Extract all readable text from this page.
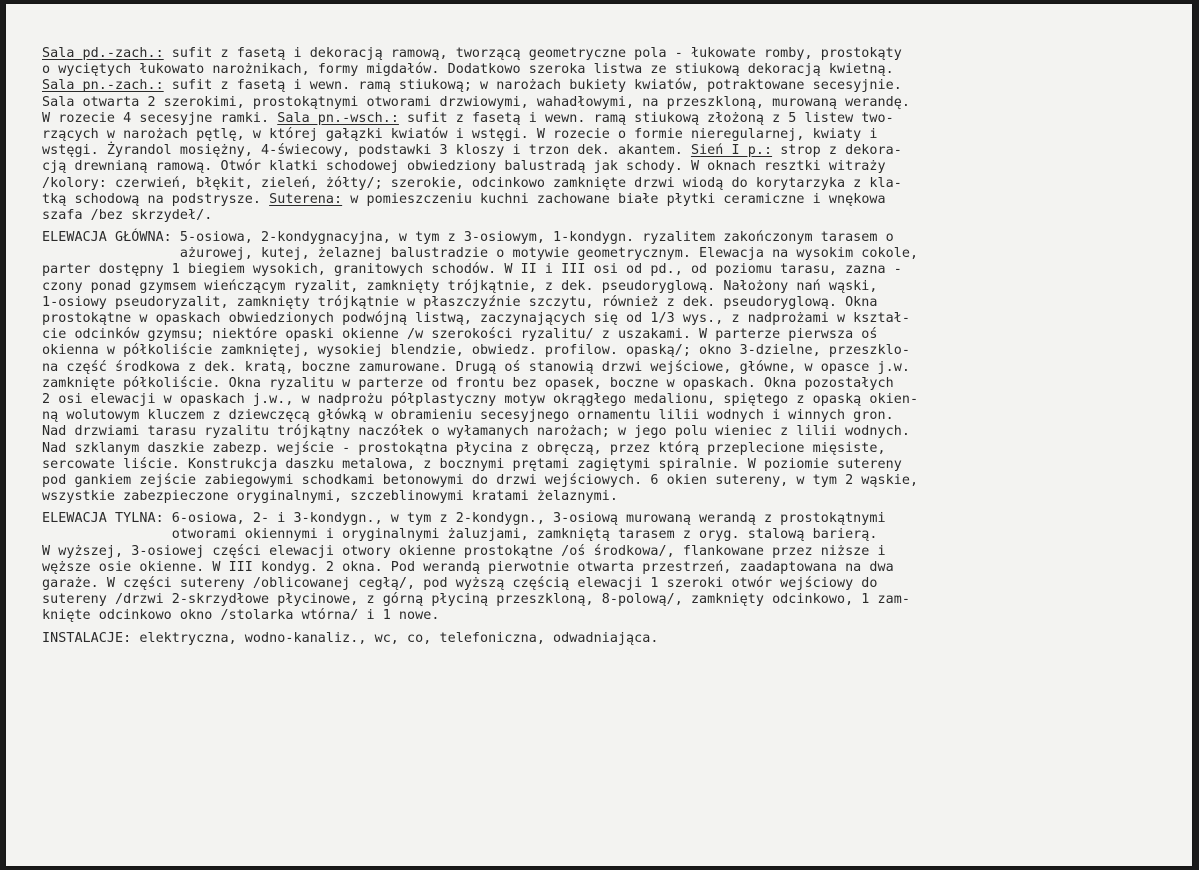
Sala pd.-zach.: sufit z fasetą i dekoracją ramową, tworzącą geometryczne pola - łukowate romby, prostokąty
o wyciętych łukowato narożnikach, formy migdałów. Dodatkowo szeroka listwa ze stiukową dekoracją kwietną.
Sala pn.-zach.: sufit z fasetą i wewn. ramą stiukową; w narożach bukiety kwiatów, potraktowane secesyjnie.
Sala otwarta 2 szerokimi, prostokątnymi otworami drzwiowymi, wahadłowymi, na przeszkloną, murowaną werandę.
W rozecie 4 secesyjne ramki. Sala pn.-wsch.: sufit z fasetą i wewn. ramą stiukową złożoną z 5 listew two-
rzących w narożach pętlę, w której gałązki kwiatów i wstęgi. W rozecie o formie nieregularnej, kwiaty i
wstęgi. Żyrandol mosiężny, 4-świecowy, podstawki 3 kloszy i trzon dek. akantem. Sień I p.: strop z dekora-
cją drewnianą ramową. Otwór klatki schodowej obwiedziony balustradą jak schody. W oknach resztki witraży
/kolory: czerwień, błękit, zieleń, żółty/; szerokie, odcinkowo zamknięte drzwi wiodą do korytarzyka z kla-
tką schodową na podstrysze. Suterena: w pomieszczeniu kuchni zachowane białe płytki ceramiczne i wnękowa
szafa /bez skrzydeł/.
ELEWACJA GŁÓWNA: 5-osiowa, 2-kondygnacyjna, w tym z 3-osiowym, 1-kondygn. ryzalitem zakończonym tarasem o
ażurowej, kutej, żelaznej balustradzie o motywie geometrycznym. Elewacja na wysokim cokole,
parter dostępny 1 biegiem wysokich, granitowych schodów. W II i III osi od pd., od poziomu tarasu, zazna -
czony ponad gzymsem wieńczącym ryzalit, zamknięty trójkątnie, z dek. pseudoryglową. Nałożony nań wąski,
1-osiowy pseudoryzalit, zamknięty trójkątnie w płaszczyźnie szczytu, również z dek. pseudoryglową. Okna
prostokątne w opaskach obwiedzionych podwójną listwą, zaczynających się od 1/3 wys., z nadprożami w kształ-
cie odcinków gzymsu; niektóre opaski okienne /w szerokości ryzalitu/ z uszakami. W parterze pierwsza oś
okienna w półkoliście zamkniętej, wysokiej blendzie, obwiedz. profilow. opaską/; okno 3-dzielne, przeszklo-
na część środkowa z dek. kratą, boczne zamurowane. Drugą oś stanowią drzwi wejściowe, główne, w opasce j.w.
zamknięte półkoliście. Okna ryzalitu w parterze od frontu bez opasek, boczne w opaskach. Okna pozostałych
2 osi elewacji w opaskach j.w., w nadprożu półplastyczny motyw okrągłego medalionu, spiętego z opaską okien-
ną wolutowym kluczem z dziewczęcą główką w obramieniu secesyjnego ornamentu lilii wodnych i winnych gron.
Nad drzwiami tarasu ryzalitu trójkątny naczółek o wyłamanych narożach; w jego polu wieniec z lilii wodnych.
Nad szklanym daszkie zabezp. wejście - prostokątna płycina z obręczą, przez którą przeplecione mięsiste,
sercowate liście. Konstrukcja daszku metalowa, z bocznymi prętami zagiętymi spiralnie. W poziomie sutereny
pod gankiem zejście zabiegowymi schodkami betonowymi do drzwi wejściowych. 6 okien sutereny, w tym 2 wąskie,
wszystkie zabezpieczone oryginalnymi, szczeblinowymi kratami żelaznymi.
ELEWACJA TYLNA: 6-osiowa, 2- i 3-kondygn., w tym z 2-kondygn., 3-osiową murowaną werandą z prostokątnymi
otworami okiennymi i oryginalnymi żaluzjami, zamkniętą tarasem z oryg. stalową barierą.
W wyższej, 3-osiowej części elewacji otwory okienne prostokątne /oś środkowa/, flankowane przez niższe i
węższe osie okienne. W III kondyg. 2 okna. Pod werandą pierwotnie otwarta przestrzeń, zaadaptowana na dwa
garaże. W części sutereny /oblicowanej cegłą/, pod wyższą częścią elewacji 1 szeroki otwór wejściowy do
sutereny /drzwi 2-skrzydłowe płycinowe, z górną płyciną przeszkloną, 8-polową/, zamknięty odcinkowo, 1 zam-
knięte odcinkowo okno /stolarka wtórna/ i 1 nowe.
INSTALACJE: elektryczna, wodno-kanaliz., wc, co, telefoniczna, odwadniająca.
